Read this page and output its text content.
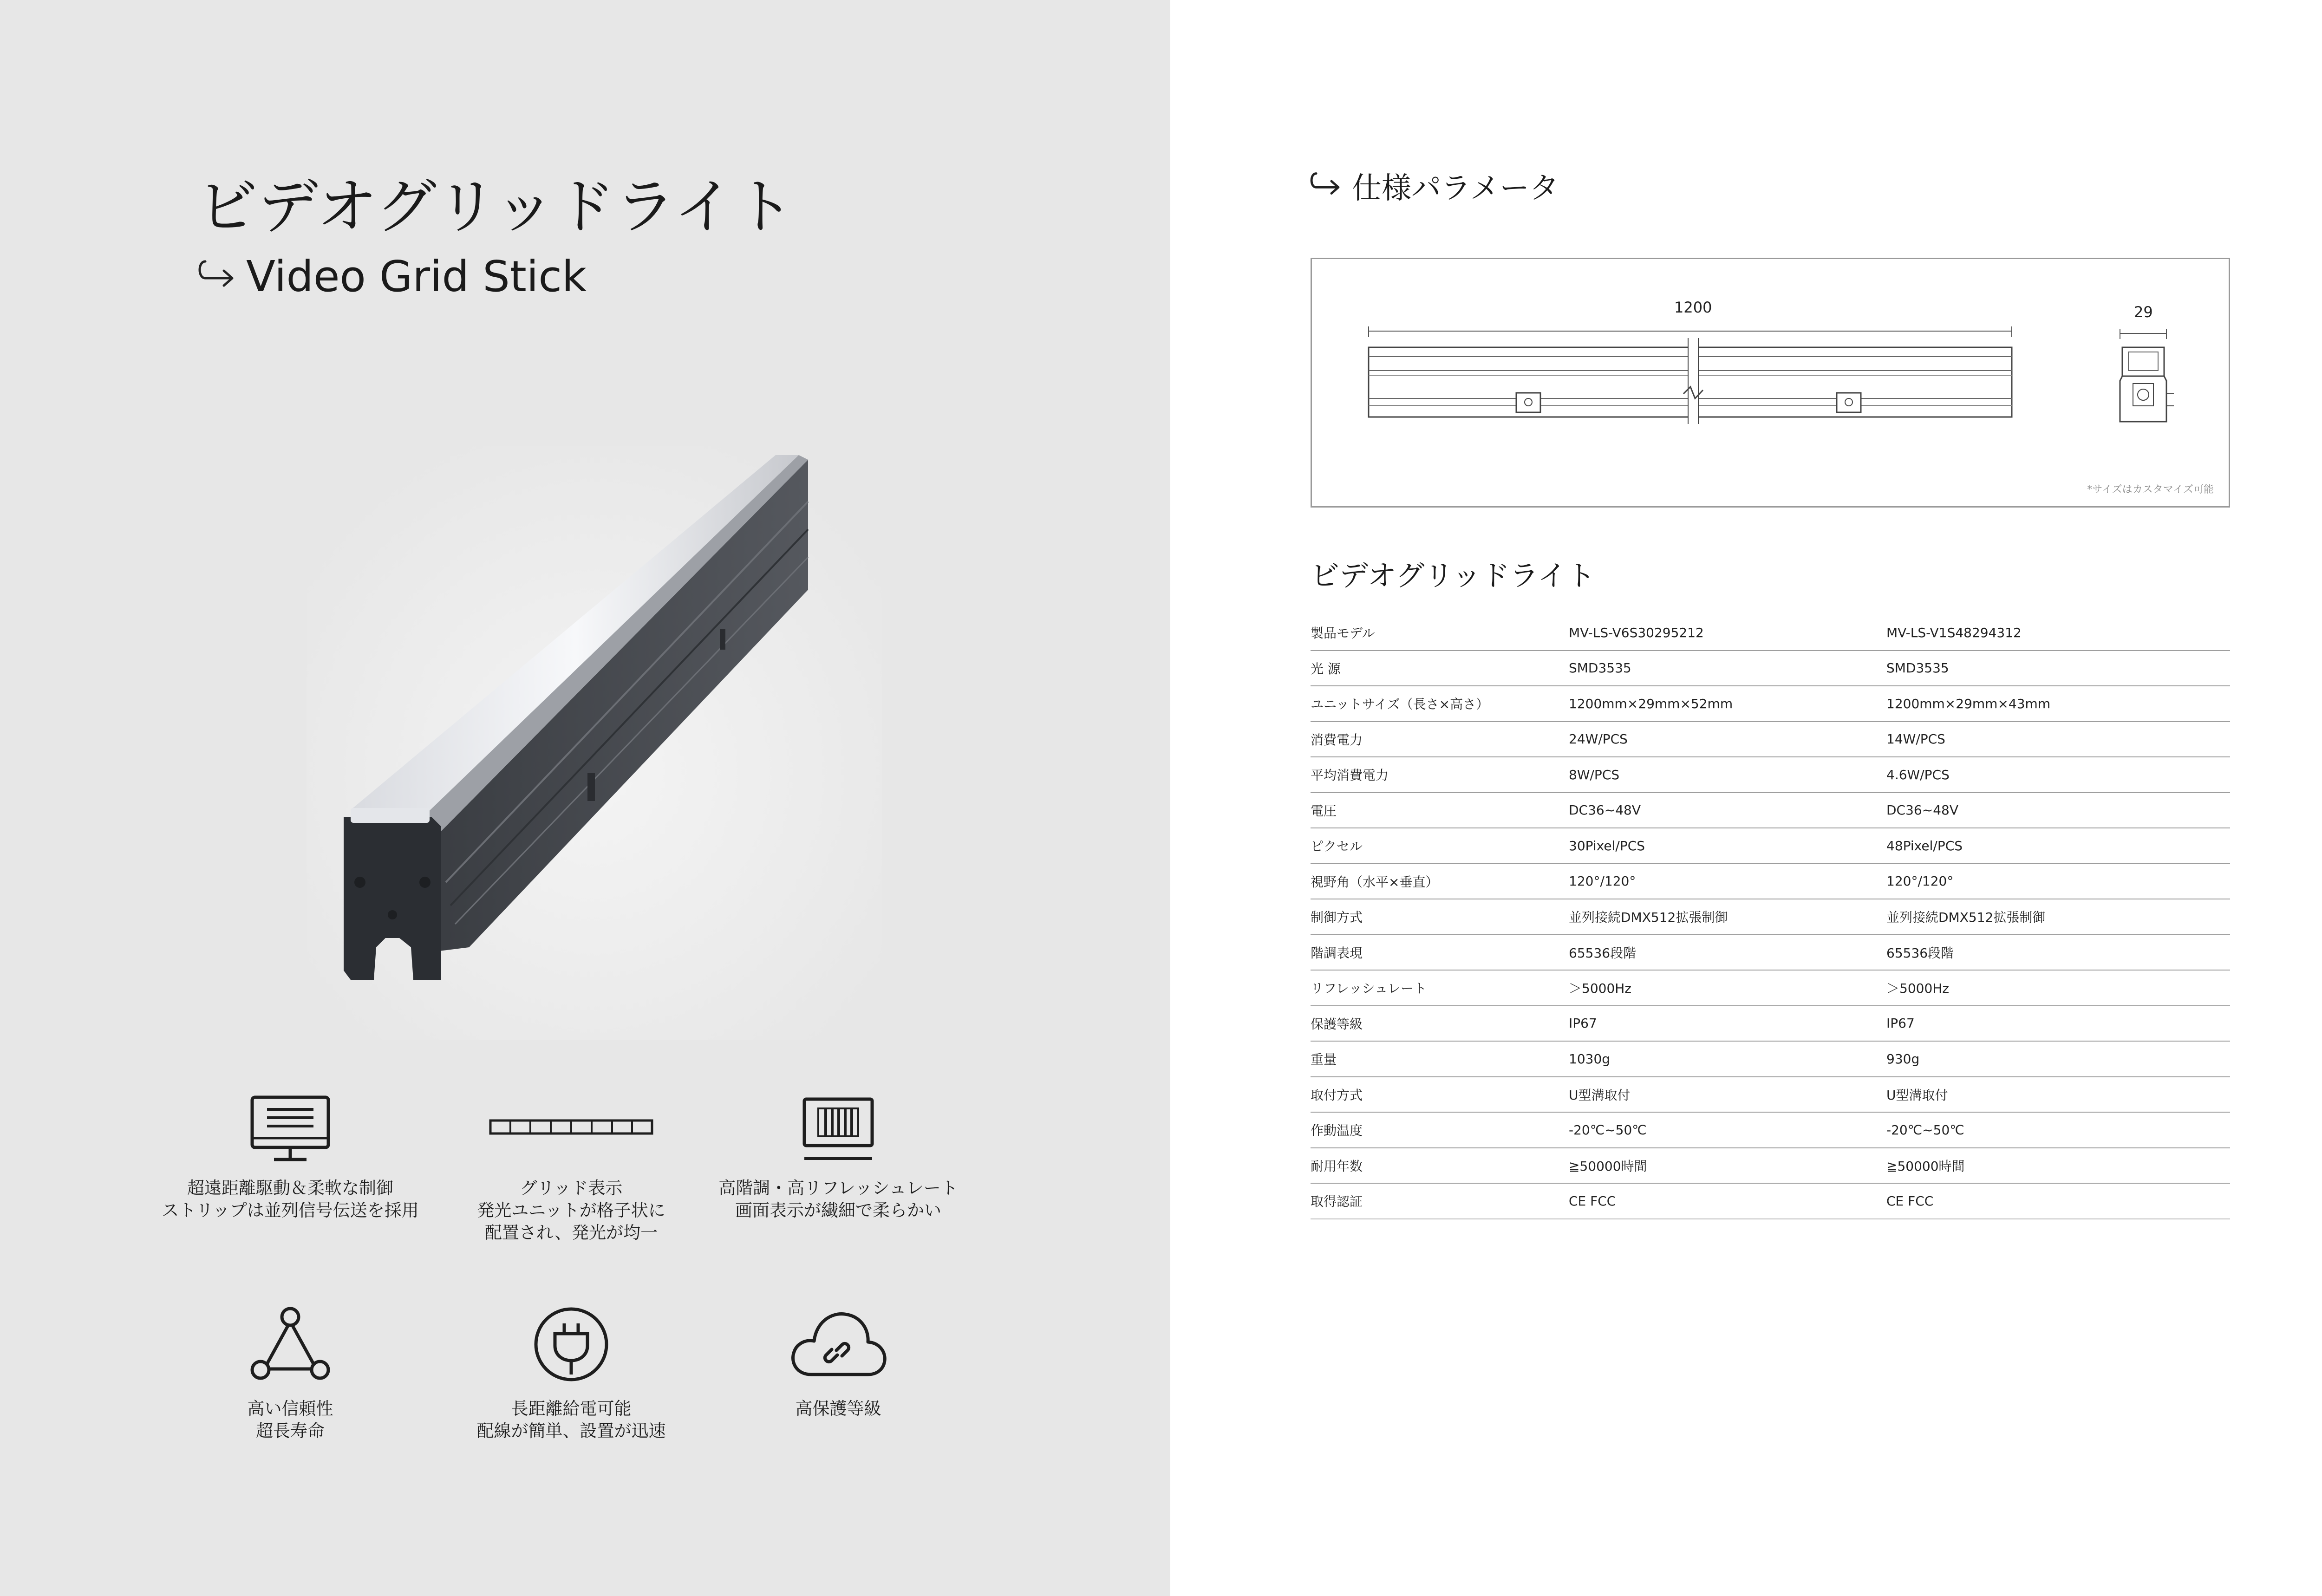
ビデオグリッドライト
Video Grid Stick
超遠距離駆動＆柔軟な制御
ストリップは並列信号伝送を採用
グリッド表示
発光ユニットが格子状に
配置され、発光が均一
高階調・高リフレッシュレート
画面表示が繊細で柔らかい
高い信頼性
超長寿命
長距離給電可能
配線が簡単、設置が迅速
高保護等級
仕様パラメータ
1200	29
*サイズはカスタマイズ可能
ビデオグリッドライト
製品モデル	MV-LS-V6S30295212	MV-LS-V1S48294312
光 源	SMD3535	SMD3535
ユニットサイズ（長さ×高さ）	1200mm×29mm×52mm	1200mm×29mm×43mm
消費電力	24W/PCS	14W/PCS
平均消費電力	8W/PCS	4.6W/PCS
電圧	DC36~48V	DC36~48V
ピクセル	30Pixel/PCS	48Pixel/PCS
視野角（水平×垂直）	120°/120°	120°/120°
制御方式	並列接続DMX512拡張制御	並列接続DMX512拡張制御
階調表現	65536段階	65536段階
リフレッシュレート	＞5000Hz	＞5000Hz
保護等級	IP67	IP67
重量	1030g	930g
取付方式	U型溝取付	U型溝取付
作動温度	-20℃~50℃	-20℃~50℃
耐用年数	≧50000時間	≧50000時間
取得認証	CE FCC	CE FCC
